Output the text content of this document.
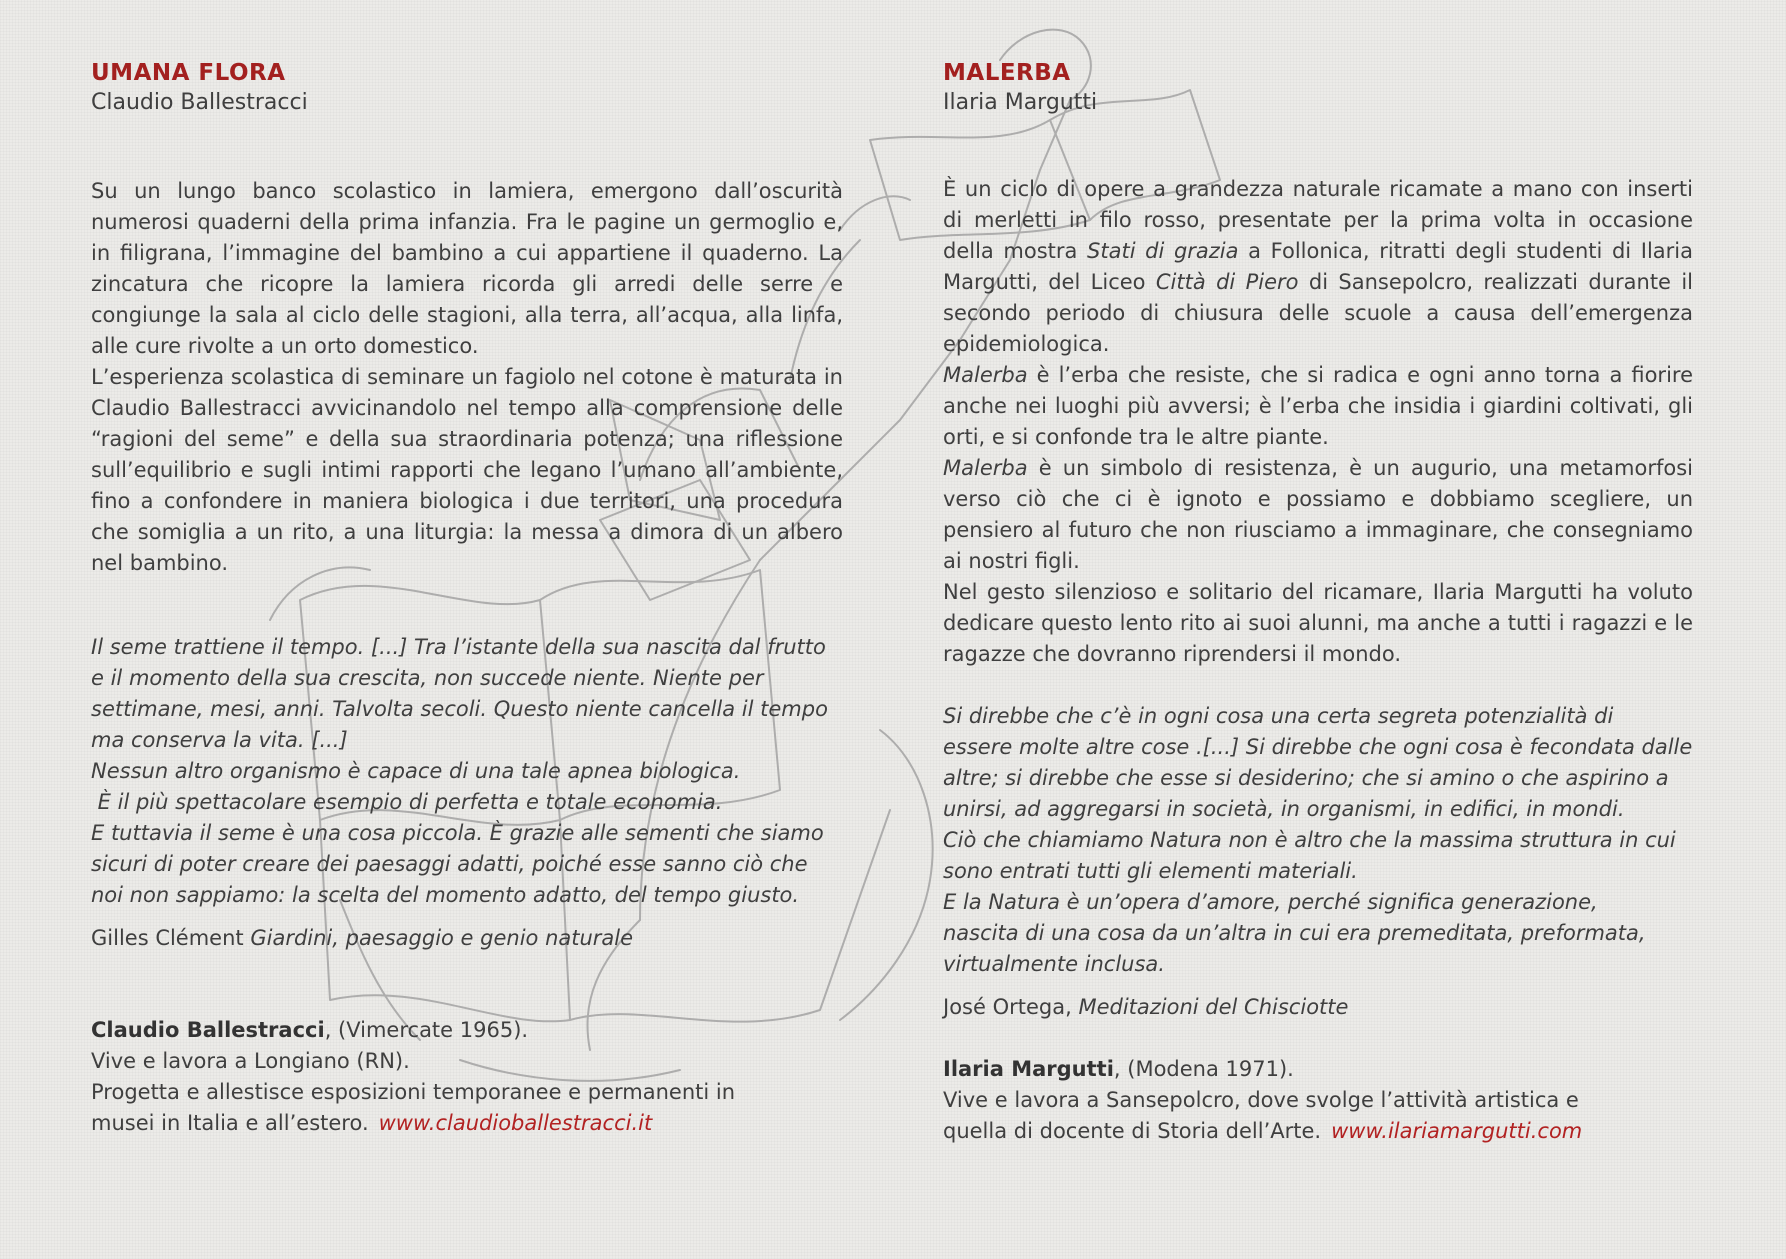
UMANA FLORA

Claudio Ballestracci

Su un lungo banco scolastico in lamiera, emergono dall’oscurità numerosi quaderni della prima infanzia. Fra le pagine un germoglio e, in filigrana, l’immagine del bambino a cui appartiene il quaderno. La zincatura che ricopre la lamiera ricorda gli arredi delle serre e congiunge la sala al ciclo delle stagioni, alla terra, all’acqua, alla linfa, alle cure rivolte a un orto domestico.

L’esperienza scolastica di seminare un fagiolo nel cotone è maturata in Claudio Ballestracci avvicinandolo nel tempo alla comprensione delle “ragioni del seme” e della sua straordinaria potenza; una riflessione sull’equilibrio e sugli intimi rapporti che legano l’umano all’ambiente, fino a confondere in maniera biologica i due territori, una procedura che somiglia a un rito, a una liturgia: la messa a dimora di un albero nel bambino.

Il seme trattiene il tempo. [...] Tra l’istante della sua nascita dal frutto
e il momento della sua crescita, non succede niente. Niente per
settimane, mesi, anni. Talvolta secoli. Questo niente cancella il tempo
ma conserva la vita. [...]
Nessun altro organismo è capace di una tale apnea biologica.
È il più spettacolare esempio di perfetta e totale economia.
E tuttavia il seme è una cosa piccola. È grazie alle sementi che siamo
sicuri di poter creare dei paesaggi adatti, poiché esse sanno ciò che
noi non sappiamo: la scelta del momento adatto, del tempo giusto.

Gilles Clément Giardini, paesaggio e genio naturale

Claudio Ballestracci, (Vimercate 1965).
Vive e lavora a Longiano (RN).
Progetta e allestisce esposizioni temporanee e permanenti in
musei in Italia e all’estero. www.claudioballestracci.it
MALERBA

Ilaria Margutti

È un ciclo di opere a grandezza naturale ricamate a mano con inserti di merletti in filo rosso, presentate per la prima volta in occasione della mostra Stati di grazia a Follonica, ritratti degli studenti di Ilaria Margutti, del Liceo Città di Piero di Sansepolcro, realizzati durante il secondo periodo di chiusura delle scuole a causa dell’emergenza epidemiologica.

Malerba è l’erba che resiste, che si radica e ogni anno torna a fiorire anche nei luoghi più avversi; è l’erba che insidia i giardini coltivati, gli orti, e si confonde tra le altre piante.

Malerba è un simbolo di resistenza, è un augurio, una metamorfosi verso ciò che ci è ignoto e possiamo e dobbiamo scegliere, un pensiero al futuro che non riusciamo a immaginare, che consegniamo ai nostri figli.

Nel gesto silenzioso e solitario del ricamare, Ilaria Margutti ha voluto dedicare questo lento rito ai suoi alunni, ma anche a tutti i ragazzi e le ragazze che dovranno riprendersi il mondo.

Si direbbe che c’è in ogni cosa una certa segreta potenzialità di
essere molte altre cose .[...] Si direbbe che ogni cosa è fecondata dalle
altre; si direbbe che esse si desiderino; che si amino o che aspirino a
unirsi, ad aggregarsi in società, in organismi, in edifici, in mondi.
Ciò che chiamiamo Natura non è altro che la massima struttura in cui
sono entrati tutti gli elementi materiali.
E la Natura è un’opera d’amore, perché significa generazione,
nascita di una cosa da un’altra in cui era premeditata, preformata,
virtualmente inclusa.

José Ortega, Meditazioni del Chisciotte

Ilaria Margutti, (Modena 1971).
Vive e lavora a Sansepolcro, dove svolge l’attività artistica e
quella di docente di Storia dell’Arte. www.ilariamargutti.com
